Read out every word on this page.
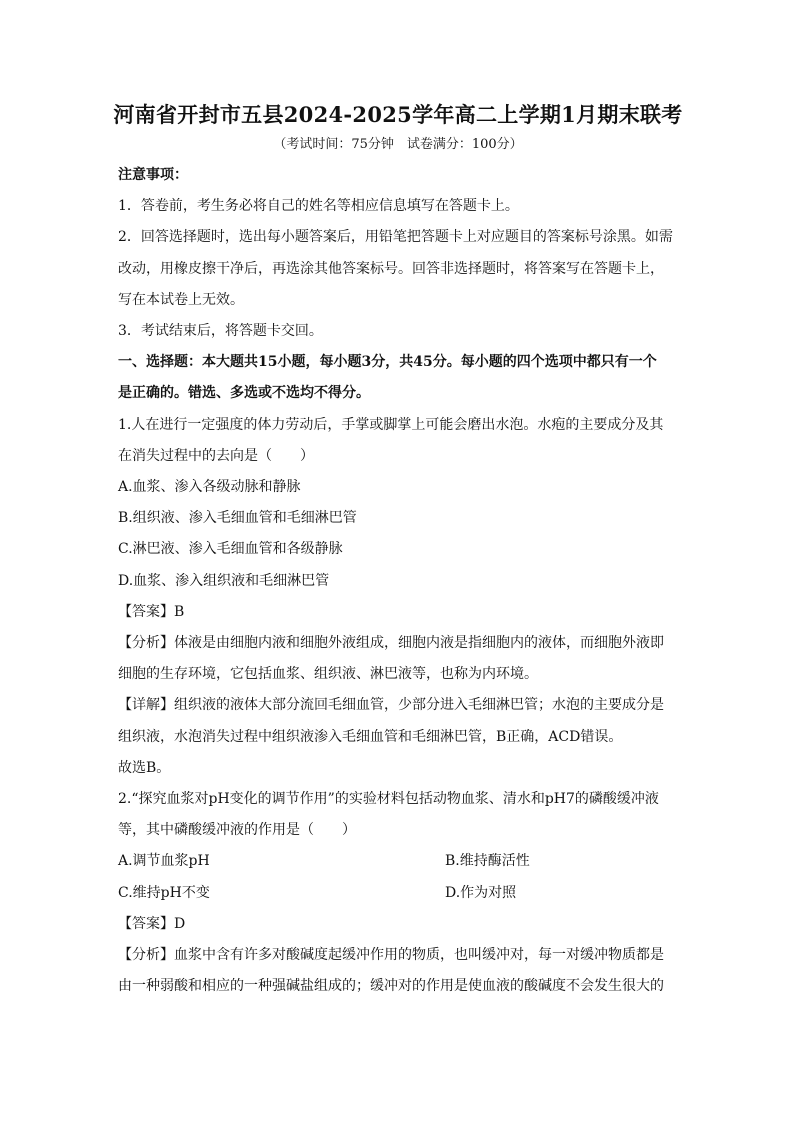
河南省开封市五县2024-2025学年高二上学期1月期末联考

（考试时间：75分钟　试卷满分：100分）

注意事项：

1．答卷前，考生务必将自己的姓名等相应信息填写在答题卡上。

2．回答选择题时，选出每小题答案后，用铅笔把答题卡上对应题目的答案标号涂黑。如需

改动，用橡皮擦干净后，再选涂其他答案标号。回答非选择题时，将答案写在答题卡上，

写在本试卷上无效。

3．考试结束后，将答题卡交回。

一、选择题：本大题共15小题，每小题3分，共45分。每小题的四个选项中都只有一个

是正确的。错选、多选或不选均不得分。

1.人在进行一定强度的体力劳动后，手掌或脚掌上可能会磨出水泡。水疱的主要成分及其

在消失过程中的去向是（　　）

A.血浆、渗入各级动脉和静脉

B.组织液、渗入毛细血管和毛细淋巴管

C.淋巴液、渗入毛细血管和各级静脉

D.血浆、渗入组织液和毛细淋巴管

【答案】B

【分析】体液是由细胞内液和细胞外液组成，细胞内液是指细胞内的液体，而细胞外液即

细胞的生存环境，它包括血浆、组织液、淋巴液等，也称为内环境。

【详解】组织液的液体大部分流回毛细血管，少部分进入毛细淋巴管；水泡的主要成分是

组织液，水泡消失过程中组织液渗入毛细血管和毛细淋巴管，B正确，ACD错误。

故选B。

2.“探究血浆对pH变化的调节作用”的实验材料包括动物血浆、清水和pH7的磷酸缓冲液

等，其中磷酸缓冲液的作用是（　　）

A.调节血浆pH	B.维持酶活性
C.维持pH不变	D.作为对照

【答案】D

【分析】血浆中含有许多对酸碱度起缓冲作用的物质，也叫缓冲对，每一对缓冲物质都是

由一种弱酸和相应的一种强碱盐组成的；缓冲对的作用是使血液的酸碱度不会发生很大的
